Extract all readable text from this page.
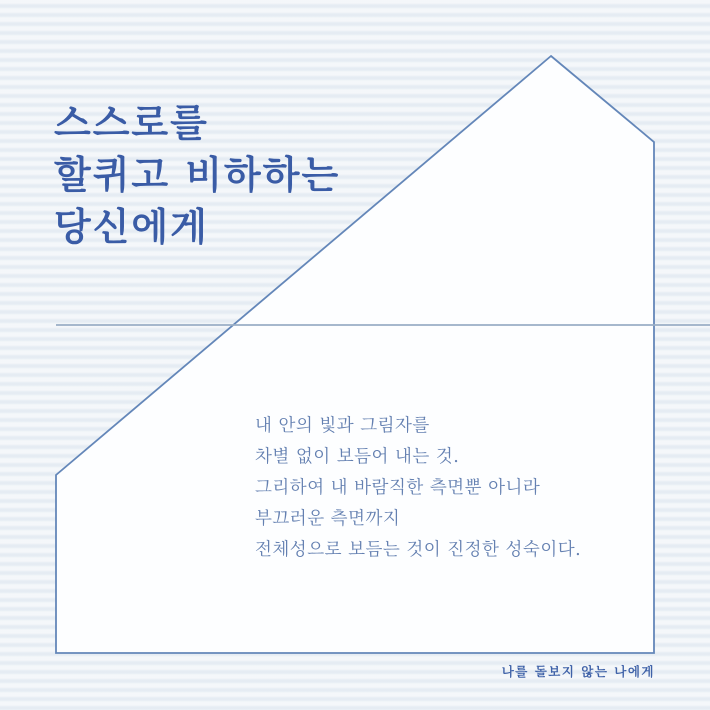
스스로를
할퀴고 비하하는
당신에게
내 안의 빛과 그림자를
차별 없이 보듬어 내는 것.
그리하여 내 바람직한 측면뿐 아니라
부끄러운 측면까지
전체성으로 보듬는 것이 진정한 성숙이다.
나를 돌보지 않는 나에게
